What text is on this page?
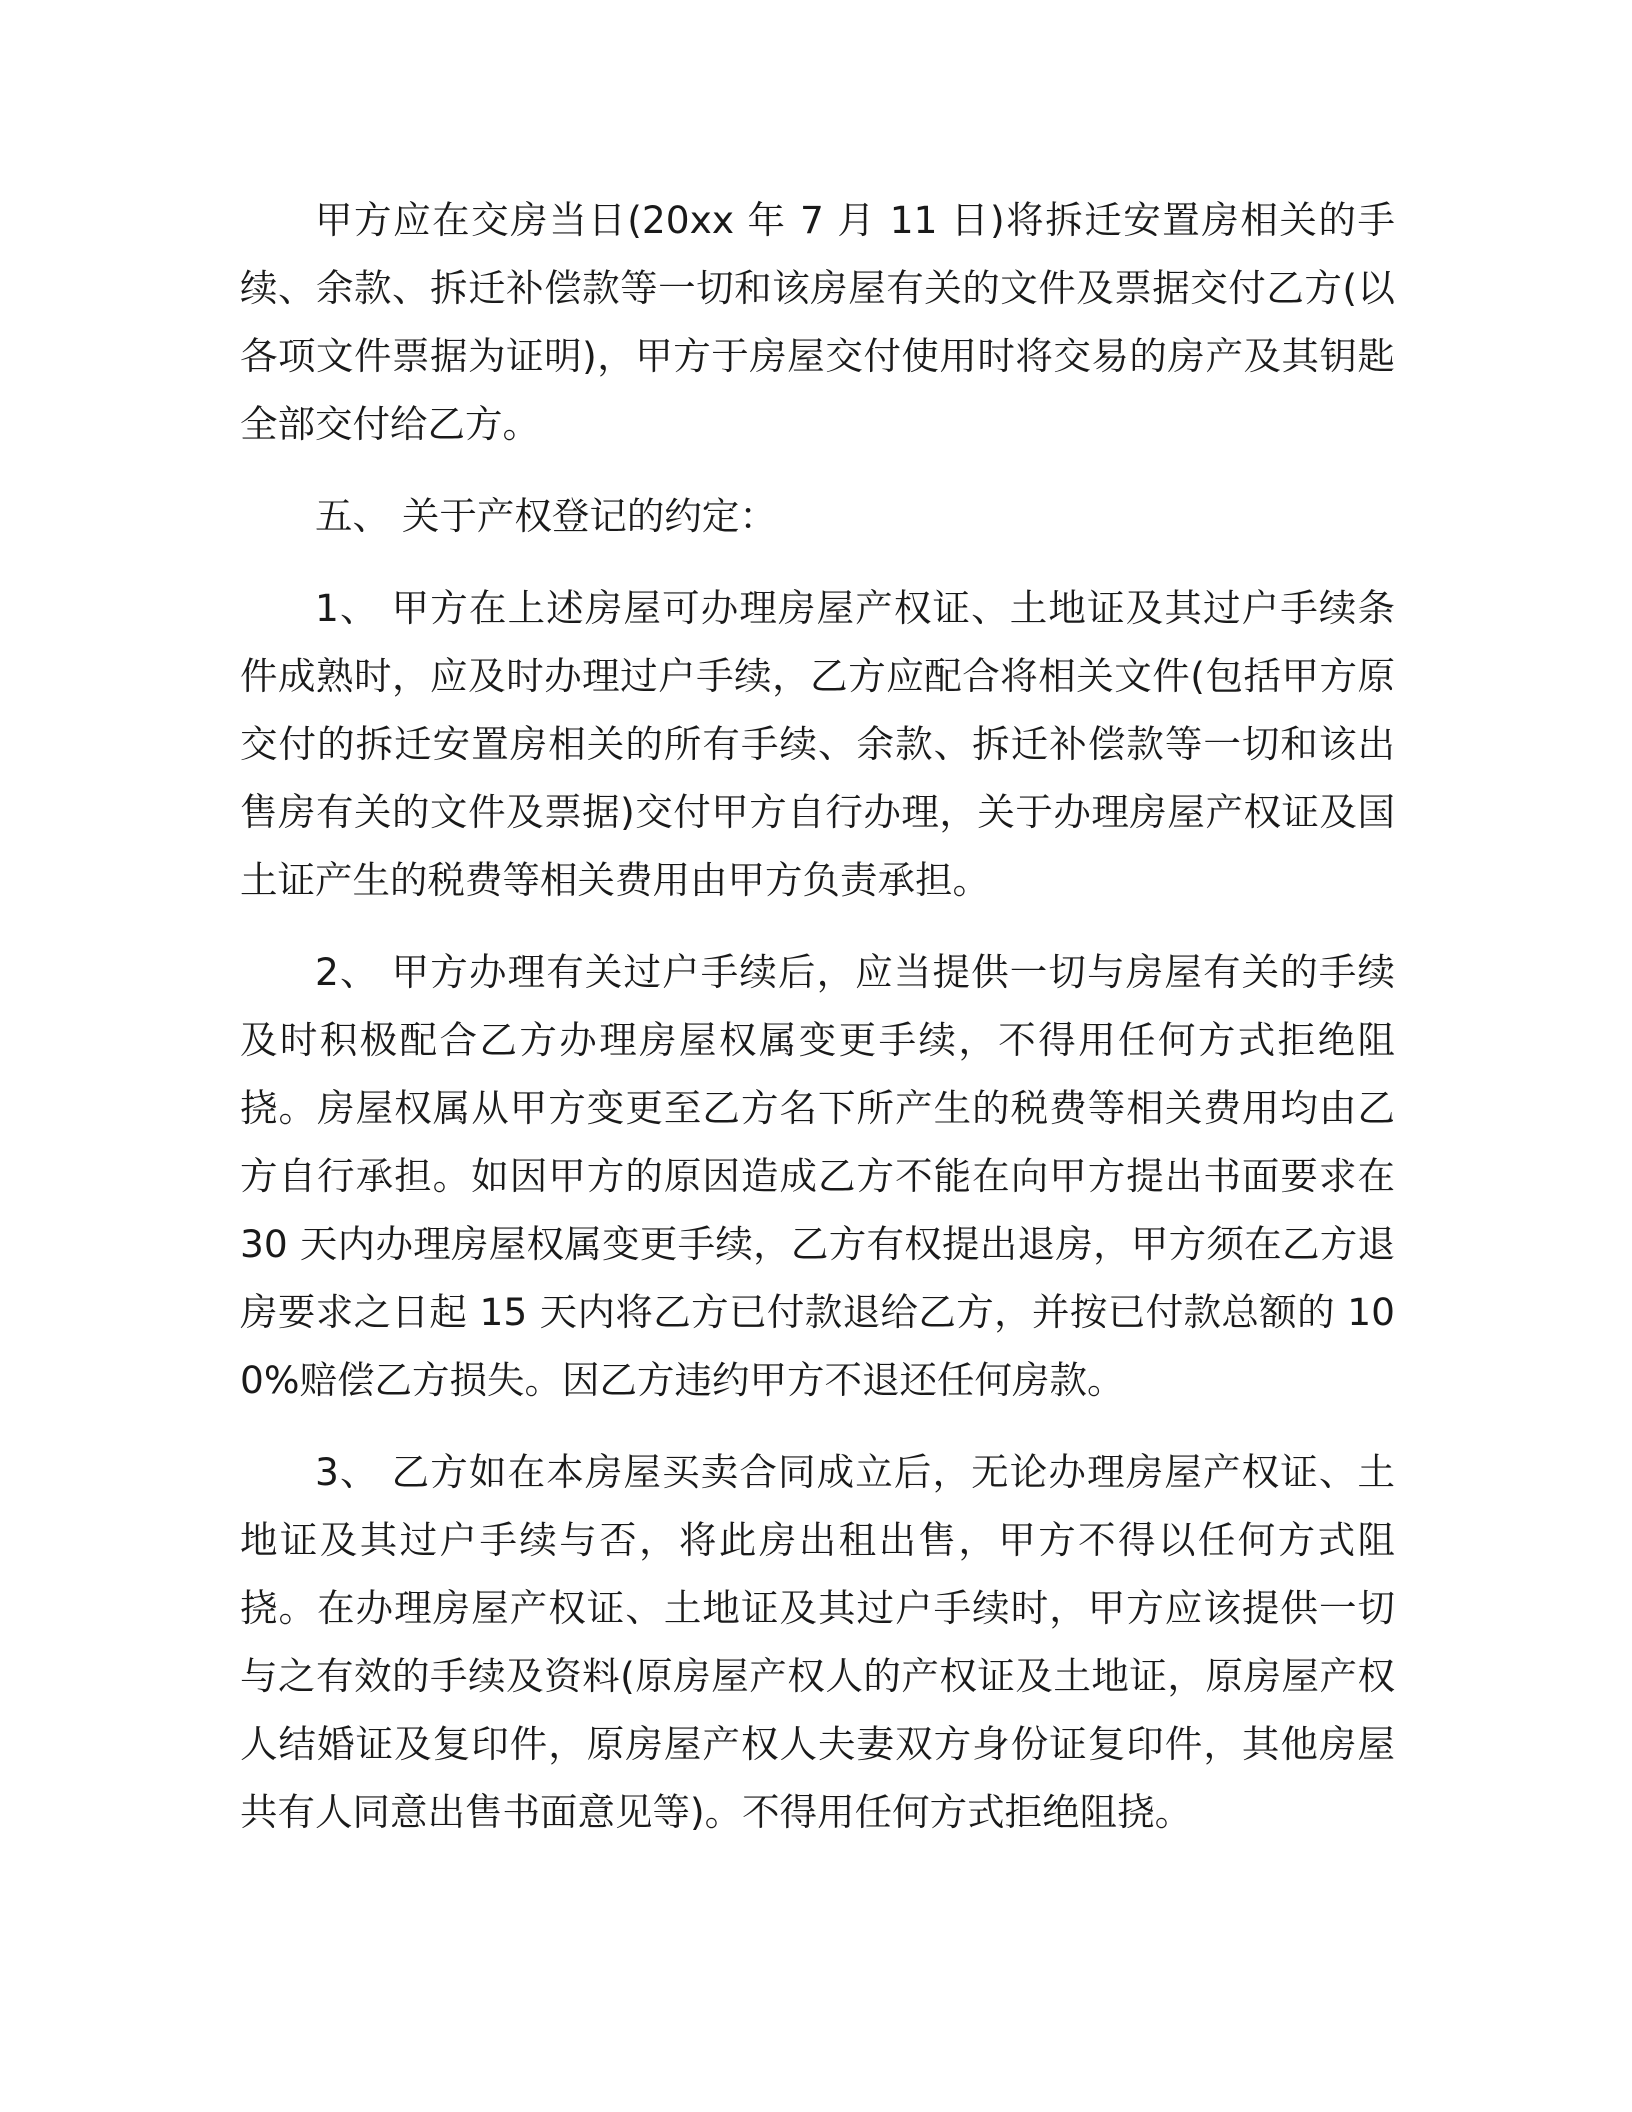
甲方应在交房当日(20xx 年 7 月 11 日)将拆迁安置房相关的手续、余款、拆迁补偿款等一切和该房屋有关的文件及票据交付乙方(以各项文件票据为证明)，甲方于房屋交付使用时将交易的房产及其钥匙全部交付给乙方。

五、 关于产权登记的约定：

1、 甲方在上述房屋可办理房屋产权证、土地证及其过户手续条件成熟时，应及时办理过户手续，乙方应配合将相关文件(包括甲方原交付的拆迁安置房相关的所有手续、余款、拆迁补偿款等一切和该出售房有关的文件及票据)交付甲方自行办理，关于办理房屋产权证及国土证产生的税费等相关费用由甲方负责承担。

2、 甲方办理有关过户手续后，应当提供一切与房屋有关的手续及时积极配合乙方办理房屋权属变更手续，不得用任何方式拒绝阻挠。房屋权属从甲方变更至乙方名下所产生的税费等相关费用均由乙方自行承担。如因甲方的原因造成乙方不能在向甲方提出书面要求在 30 天内办理房屋权属变更手续，乙方有权提出退房，甲方须在乙方退房要求之日起 15 天内将乙方已付款退给乙方，并按已付款总额的 100%赔偿乙方损失。因乙方违约甲方不退还任何房款。

3、 乙方如在本房屋买卖合同成立后，无论办理房屋产权证、土地证及其过户手续与否，将此房出租出售，甲方不得以任何方式阻挠。在办理房屋产权证、土地证及其过户手续时，甲方应该提供一切与之有效的手续及资料(原房屋产权人的产权证及土地证，原房屋产权人结婚证及复印件，原房屋产权人夫妻双方身份证复印件，其他房屋共有人同意出售书面意见等)。不得用任何方式拒绝阻挠。
